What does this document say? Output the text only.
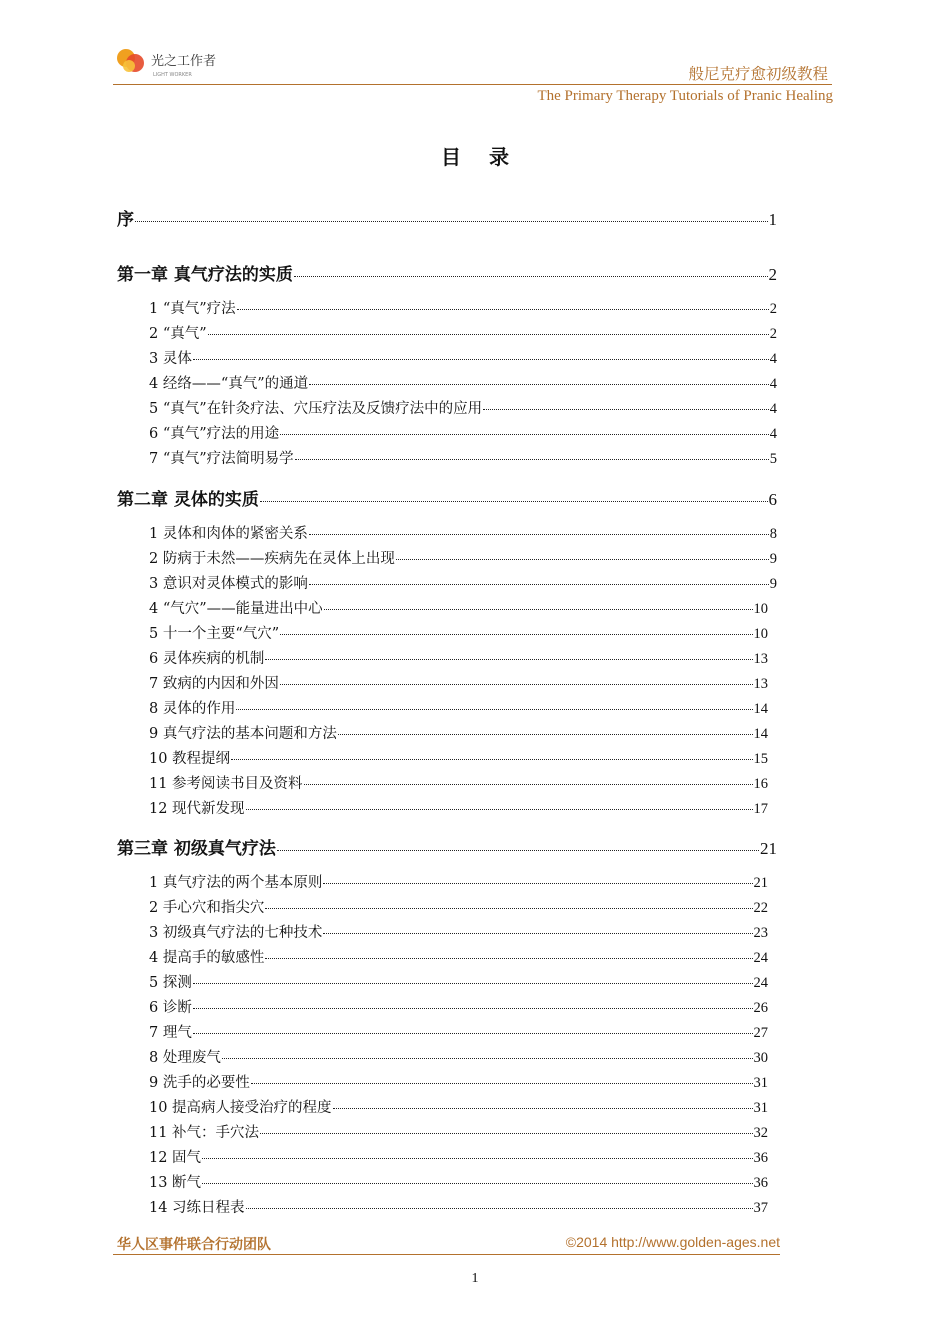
光之工作者
LIGHT WORKER	般尼克疗愈初级教程
The Primary Therapy Tutorials of Pranic Healing
目录
序	1
第一章 真气疗法的实质	2
1 “真气”疗法	2
2 “真气”	2
3 灵体	4
4 经络——“真气”的通道	4
5 “真气”在针灸疗法、穴压疗法及反馈疗法中的应用	4
6 “真气”疗法的用途	4
7 “真气”疗法简明易学	5
第二章 灵体的实质	6
1 灵体和肉体的紧密关系	8
2 防病于未然——疾病先在灵体上出现	9
3 意识对灵体模式的影响	9
4 “气穴”——能量进出中心	10
5 十一个主要“气穴”	10
6 灵体疾病的机制	13
7 致病的内因和外因	13
8 灵体的作用	14
9 真气疗法的基本问题和方法	14
10 教程提纲	15
11 参考阅读书目及资料	16
12 现代新发现	17
第三章 初级真气疗法	21
1 真气疗法的两个基本原则	21
2 手心穴和指尖穴	22
3 初级真气疗法的七种技术	23
4 提高手的敏感性	24
5 探测	24
6 诊断	26
7 理气	27
8 处理废气	30
9 洗手的必要性	31
10 提高病人接受治疗的程度	31
11 补气：手穴法	32
12 固气	36
13 断气	36
14 习练日程表	37
华人区事件联合行动团队	©2014 http://www.golden-ages.net
1
